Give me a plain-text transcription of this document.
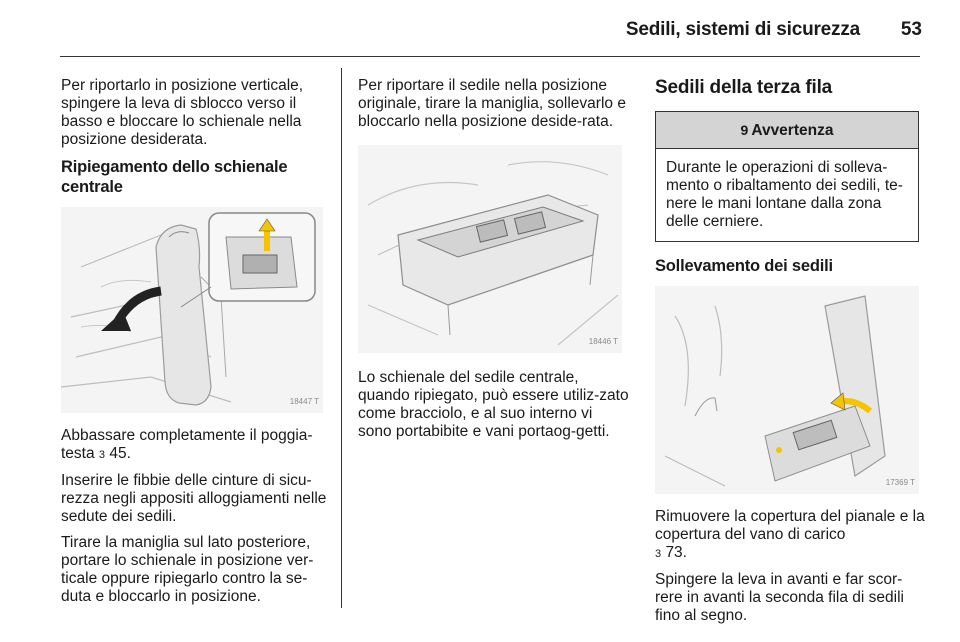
Sedili, sistemi di sicurezza	53

Per riportarlo in posizione verticale, spingere la leva di sblocco verso il basso e bloccare lo schienale nella posizione desiderata.

Ripiegamento dello schienale centrale
18447 T

Abbassare completamente il poggia-testa 3 45.

Inserire le fibbie delle cinture di sicu-rezza negli appositi alloggiamenti nelle sedute dei sedili.

Tirare la maniglia sul lato posteriore, portare lo schienale in posizione ver-ticale oppure ripiegarlo contro la se-duta e bloccarlo in posizione.

Per riportare il sedile nella posizione originale, tirare la maniglia, sollevarlo e bloccarlo nella posizione deside-rata.

18446 T

Lo schienale del sedile centrale, quando ripiegato, può essere utiliz-zato come bracciolo, e al suo interno vi sono portabibite e vani portaog-getti.

Sedili della terza fila
9 Avvertenza
Durante le operazioni di solleva-mento o ribaltamento dei sedili, te-nere le mani lontane dalla zona delle cerniere.
Sollevamento dei sedili
17369 T

Rimuovere la copertura del pianale e la copertura del vano di carico
3 73.

Spingere la leva in avanti e far scor-rere in avanti la seconda fila di sedili fino al segno.
